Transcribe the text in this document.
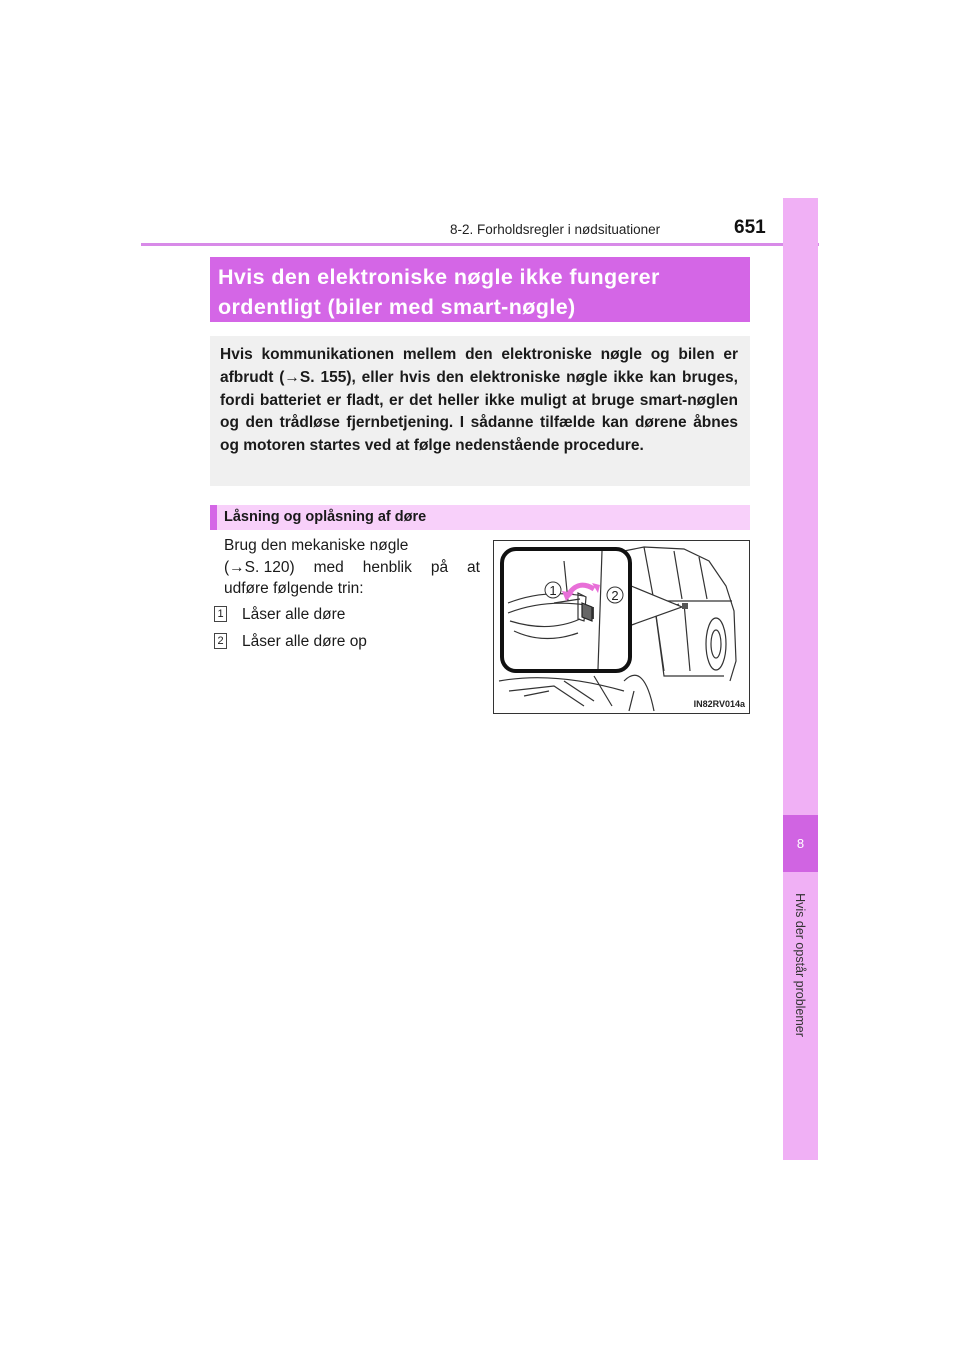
651
8-2. Forholdsregler i nødsituationer
8
Hvis der opstår problemer
Hvis den elektroniske nøgle ikke fungerer
ordentligt (biler med smart-nøgle)
Hvis kommunikationen mellem den elektroniske nøgle og bilen er afbrudt (→S. 155), eller hvis den elektroniske nøgle ikke kan bruges, fordi batteriet er fladt, er det heller ikke muligt at bruge smart-nøglen og den trådløse fjernbetjening. I sådanne tilfælde kan dørene åbnes og motoren startes ved at følge nedenstående procedure.
Låsning og oplåsning af døre
Brug den mekaniske nøgle
(→S. 120) med henblik på at
udføre følgende trin:
1 Låser alle døre
2 Låser alle døre op
1	2
IN82RV014a
